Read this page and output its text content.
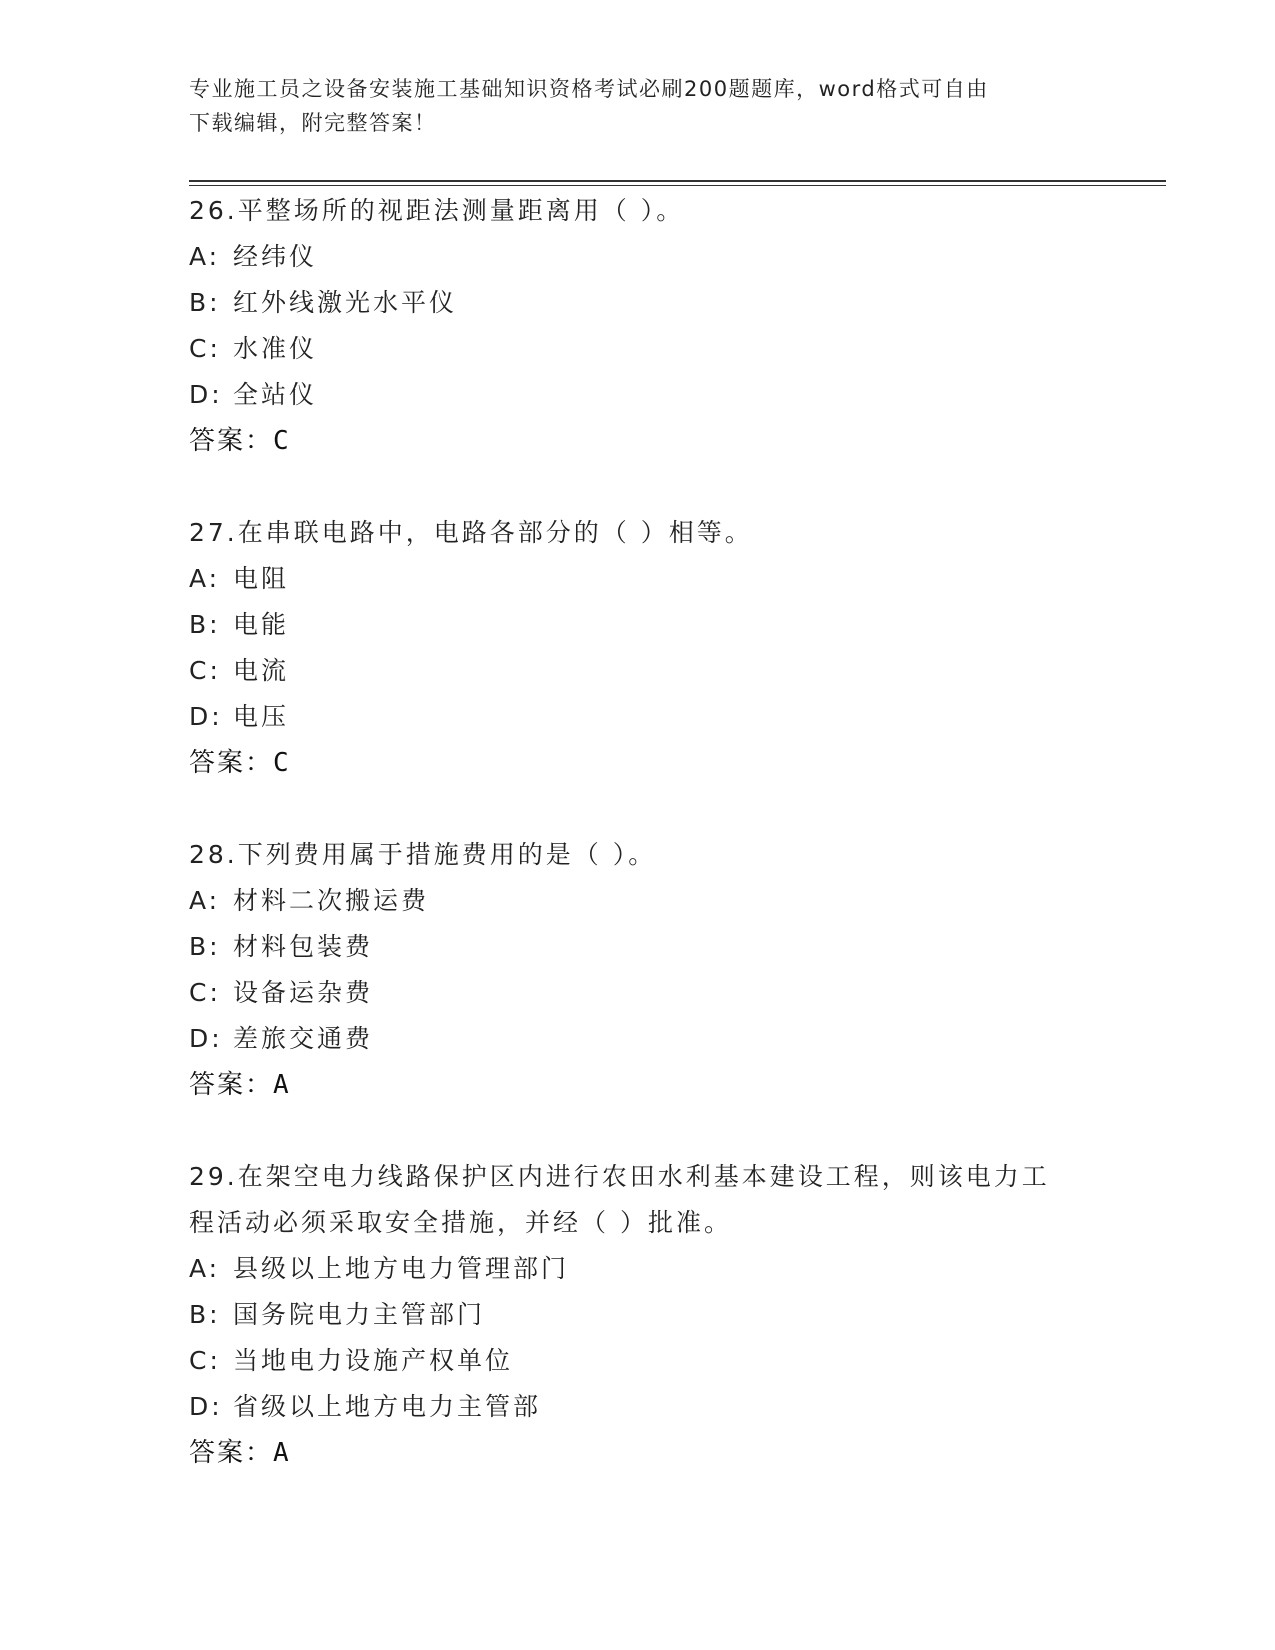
专业施工员之设备安装施工基础知识资格考试必刷200题题库，word格式可自由
下载编辑，附完整答案！
26.平整场所的视距法测量距离用（ ）。
A: 经纬仪
B: 红外线激光水平仪
C: 水准仪
D: 全站仪
答案：C
27.在串联电路中，电路各部分的（ ）相等。
A: 电阻
B: 电能
C: 电流
D: 电压
答案：C
28.下列费用属于措施费用的是（ ）。
A: 材料二次搬运费
B: 材料包装费
C: 设备运杂费
D: 差旅交通费
答案：A
29.在架空电力线路保护区内进行农田水利基本建设工程，则该电力工
程活动必须采取安全措施，并经（ ）批准。
A: 县级以上地方电力管理部门
B: 国务院电力主管部门
C: 当地电力设施产权单位
D: 省级以上地方电力主管部
答案：A
